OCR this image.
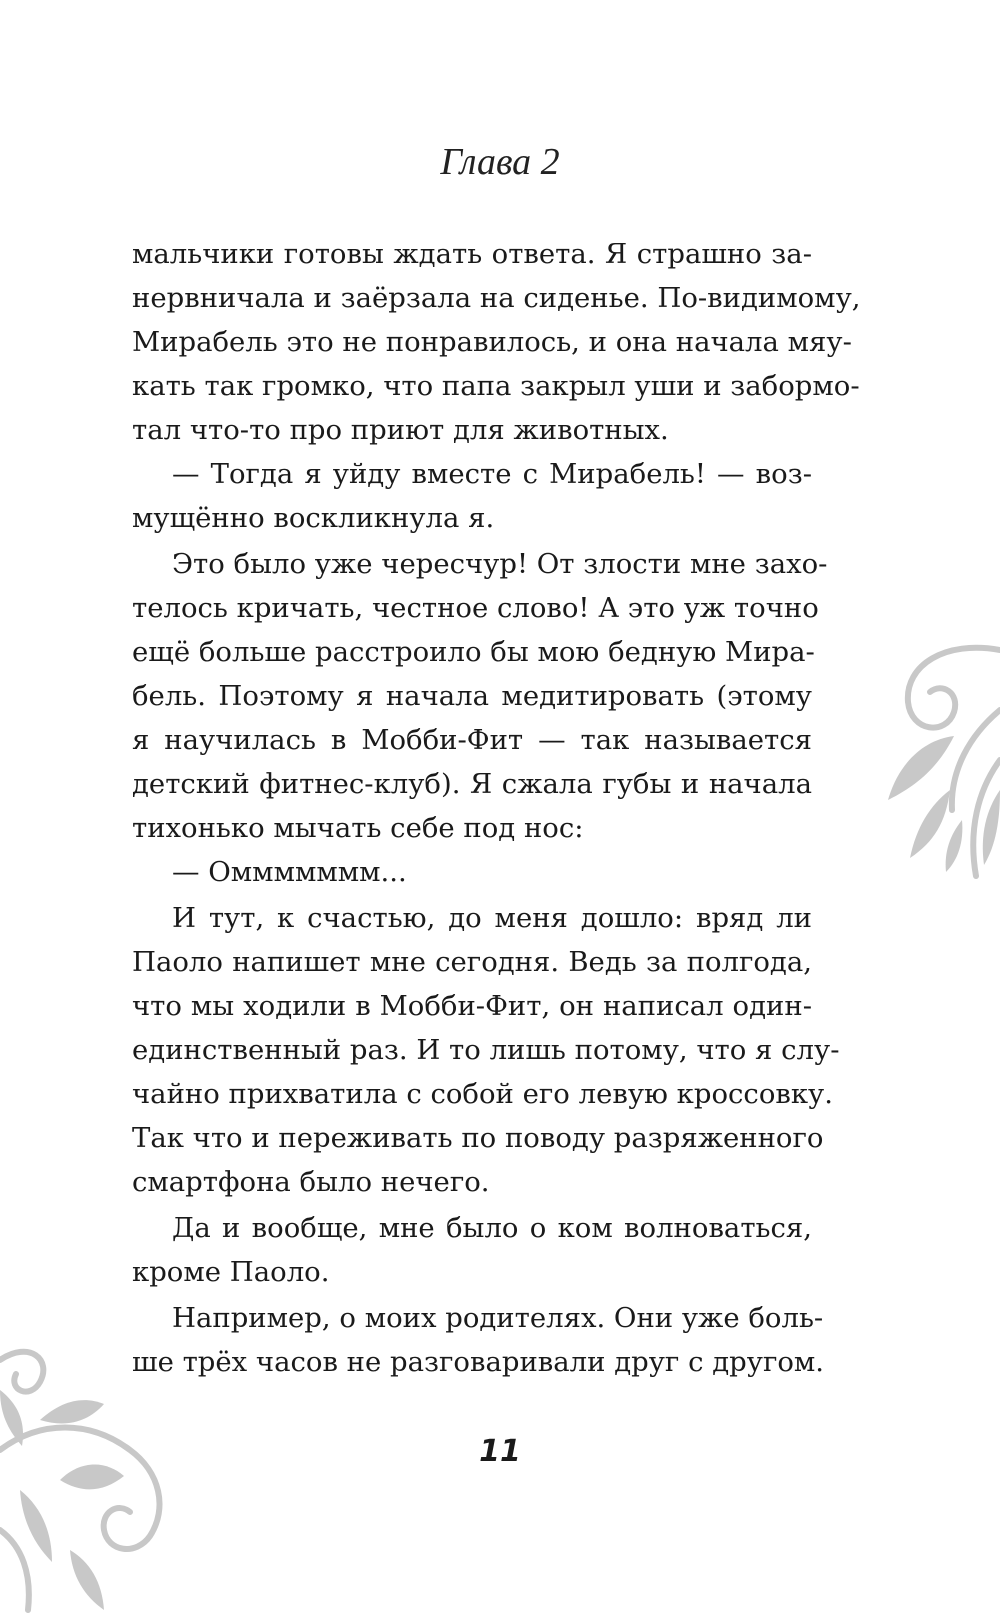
Глава 2
мальчики готовы ждать ответа. Я страшно за-
нервничала и заёрзала на сиденье. По-видимому,
Мирабель это не понравилось, и она начала мяу-
кать так громко, что папа закрыл уши и забормо-
тал что-то про приют для животных.
— Тогда я уйду вместе с Мирабель! — воз-
мущённо воскликнула я.
Это было уже чересчур! От злости мне захо-
телось кричать, честное слово! А это уж точно
ещё больше расстроило бы мою бедную Мира-
бель. Поэтому я начала медитировать (этому
я научилась в Мобби-Фит — так называется
детский фитнес-клуб). Я сжала губы и начала
тихонько мычать себе под нос:
— Оммммммм...
И тут, к счастью, до меня дошло: вряд ли
Паоло напишет мне сегодня. Ведь за полгода,
что мы ходили в Мобби-Фит, он написал один-
единственный раз. И то лишь потому, что я слу-
чайно прихватила с собой его левую кроссовку.
Так что и переживать по поводу разряженного
смартфона было нечего.
Да и вообще, мне было о ком волноваться,
кроме Паоло.
Например, о моих родителях. Они уже боль-
ше трёх часов не разговаривали друг с другом.
11
